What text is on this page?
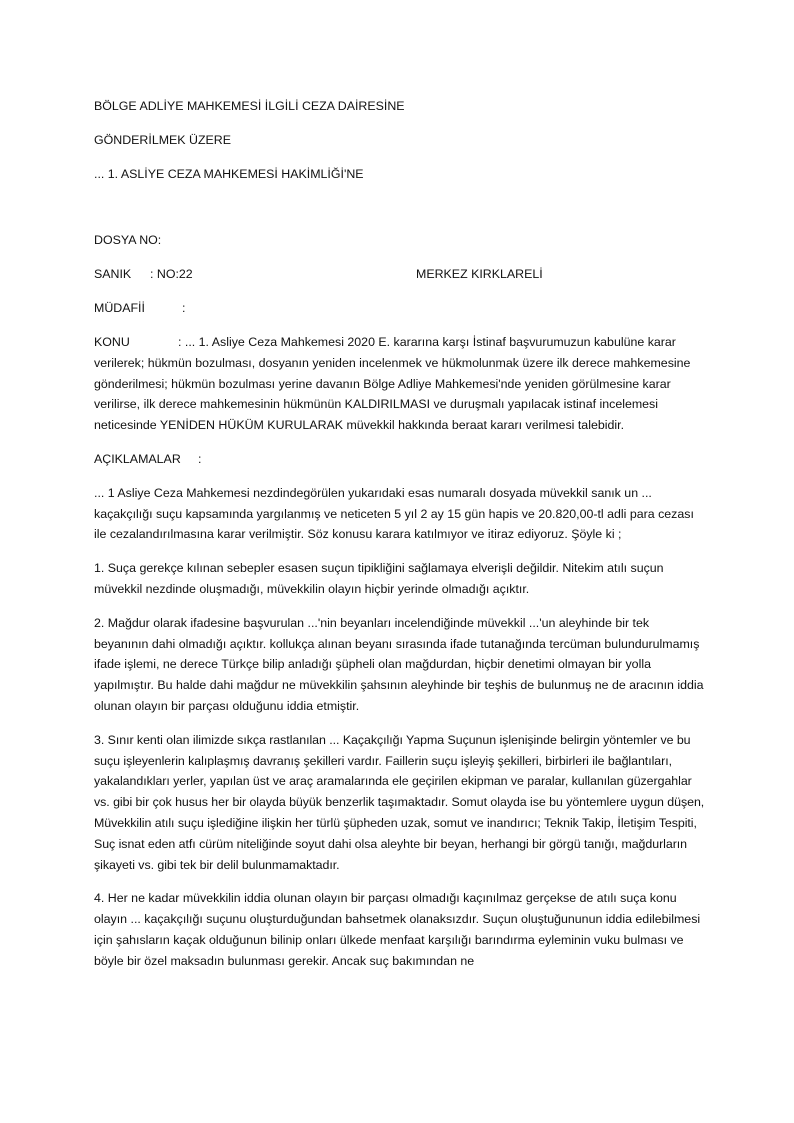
BÖLGE ADLİYE MAHKEMESİ İLGİLİ CEZA DAİRESİNE
GÖNDERİLMEK ÜZERE
... 1. ASLİYE CEZA MAHKEMESİ HAKİMLİĞİ'NE
DOSYA NO:
SANIK : NO:22	MERKEZ KIRKLARELİ
MÜDAFİİ	:
KONU	: ... 1. Asliye Ceza Mahkemesi 2020 E. kararına karşı İstinaf başvurumuzun kabulüne karar verilerek; hükmün bozulması, dosyanın yeniden incelenmek ve hükmolunmak üzere ilk derece mahkemesine gönderilmesi; hükmün bozulması yerine davanın Bölge Adliye Mahkemesi'nde yeniden görülmesine karar verilirse, ilk derece mahkemesinin hükmünün KALDIRILMASI ve duruşmalı yapılacak istinaf incelemesi neticesinde YENİDEN HÜKÜM KURULARAK müvekkil hakkında beraat kararı verilmesi talebidir.
AÇIKLAMALAR :
... 1 Asliye Ceza Mahkemesi nezdindegörülen yukarıdaki esas numaralı dosyada müvekkil sanık un ... kaçakçılığı suçu kapsamında yargılanmış ve neticeten 5 yıl 2 ay 15 gün hapis ve 20.820,00-tl adli para cezası ile cezalandırılmasına karar verilmiştir. Söz konusu karara katılmıyor ve itiraz ediyoruz. Şöyle ki ;
1. Suça gerekçe kılınan sebepler esasen suçun tipikliğini sağlamaya elverişli değildir. Nitekim atılı suçun müvekkil nezdinde oluşmadığı, müvekkilin olayın hiçbir yerinde olmadığı açıktır.
2. Mağdur olarak ifadesine başvurulan ...'nin beyanları incelendiğinde müvekkil ...'un aleyhinde bir tek beyanının dahi olmadığı açıktır. kollukça alınan beyanı sırasında ifade tutanağında tercüman bulundurulmamış ifade işlemi, ne derece Türkçe bilip anladığı şüpheli olan mağdurdan, hiçbir denetimi olmayan bir yolla yapılmıştır. Bu halde dahi mağdur ne müvekkilin şahsının aleyhinde bir teşhis de bulunmuş ne de aracının iddia olunan olayın bir parçası olduğunu iddia etmiştir.
3. Sınır kenti olan ilimizde sıkça rastlanılan ... Kaçakçılığı Yapma Suçunun işlenişinde belirgin yöntemler ve bu suçu işleyenlerin kalıplaşmış davranış şekilleri vardır. Faillerin suçu işleyiş şekilleri, birbirleri ile bağlantıları, yakalandıkları yerler, yapılan üst ve araç aramalarında ele geçirilen ekipman ve paralar, kullanılan güzergahlar vs. gibi bir çok husus her bir olayda büyük benzerlik taşımaktadır. Somut olayda ise bu yöntemlere uygun düşen, Müvekkilin atılı suçu işlediğine ilişkin her türlü şüpheden uzak, somut ve inandırıcı; Teknik Takip, İletişim Tespiti, Suç isnat eden atfı cürüm niteliğinde soyut dahi olsa aleyhte bir beyan, herhangi bir görgü tanığı, mağdurların şikayeti vs. gibi tek bir delil bulunmamaktadır.
4. Her ne kadar müvekkilin iddia olunan olayın bir parçası olmadığı kaçınılmaz gerçekse de atılı suça konu olayın ... kaçakçılığı suçunu oluşturduğundan bahsetmek olanaksızdır. Suçun oluştuğununun iddia edilebilmesi için şahısların kaçak olduğunun bilinip onları ülkede menfaat karşılığı barındırma eyleminin vuku bulması ve böyle bir özel maksadın bulunması gerekir. Ancak suç bakımından ne
